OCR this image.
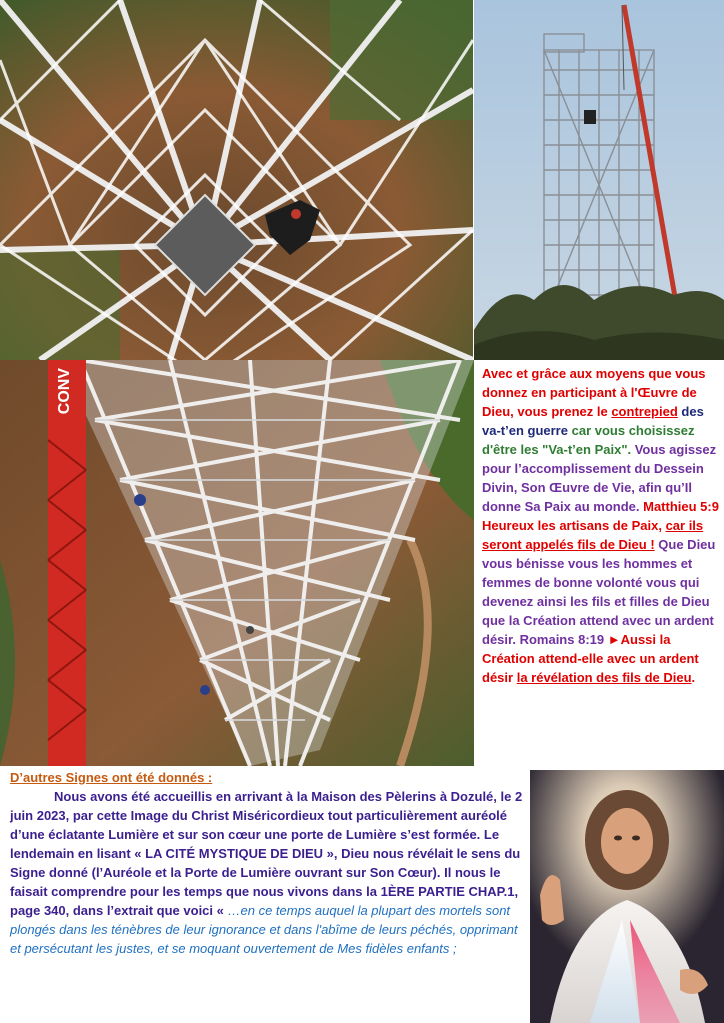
CONV	Avec et grâce aux moyens que vous donnez en participant à l'Œuvre de Dieu, vous prenez le contrepied des va-t’en guerre car vous choisissez d'être les "Va-t’en Paix". Vous agissez pour l’accomplissement du Dessein Divin, Son Œuvre de Vie, afin qu’Il donne Sa Paix au monde. Matthieu 5:9 Heureux les artisans de Paix, car ils seront appelés fils de Dieu ! Que Dieu vous bénisse vous les hommes et femmes de bonne volonté vous qui devenez ainsi les fils et filles de Dieu que la Création attend avec un ardent désir. Romains 8:19 ►Aussi la Création attend-elle avec un ardent désir la révélation des fils de Dieu.
D’autres Signes ont été donnés :
Nous avons été accueillis en arrivant à la Maison des Pèlerins à Dozulé, le 2 juin 2023, par cette Image du Christ Miséricordieux tout particulièrement auréolé d’une éclatante Lumière et sur son cœur une porte de Lumière s’est formée. Le lendemain en lisant « LA CITÉ MYSTIQUE DE DIEU », Dieu nous révélait le sens du Signe donné (l’Auréole et la Porte de Lumière ouvrant sur Son Cœur). Il nous le faisait comprendre pour les temps que nous vivons dans la 1ÈRE PARTIE CHAP.1, page 340, dans l’extrait que voici « …en ce temps auquel la plupart des mortels sont plongés dans les ténèbres de leur ignorance et dans l'abîme de leurs péchés, opprimant et persécutant les justes, et se moquant ouvertement de Mes fidèles enfants ;
